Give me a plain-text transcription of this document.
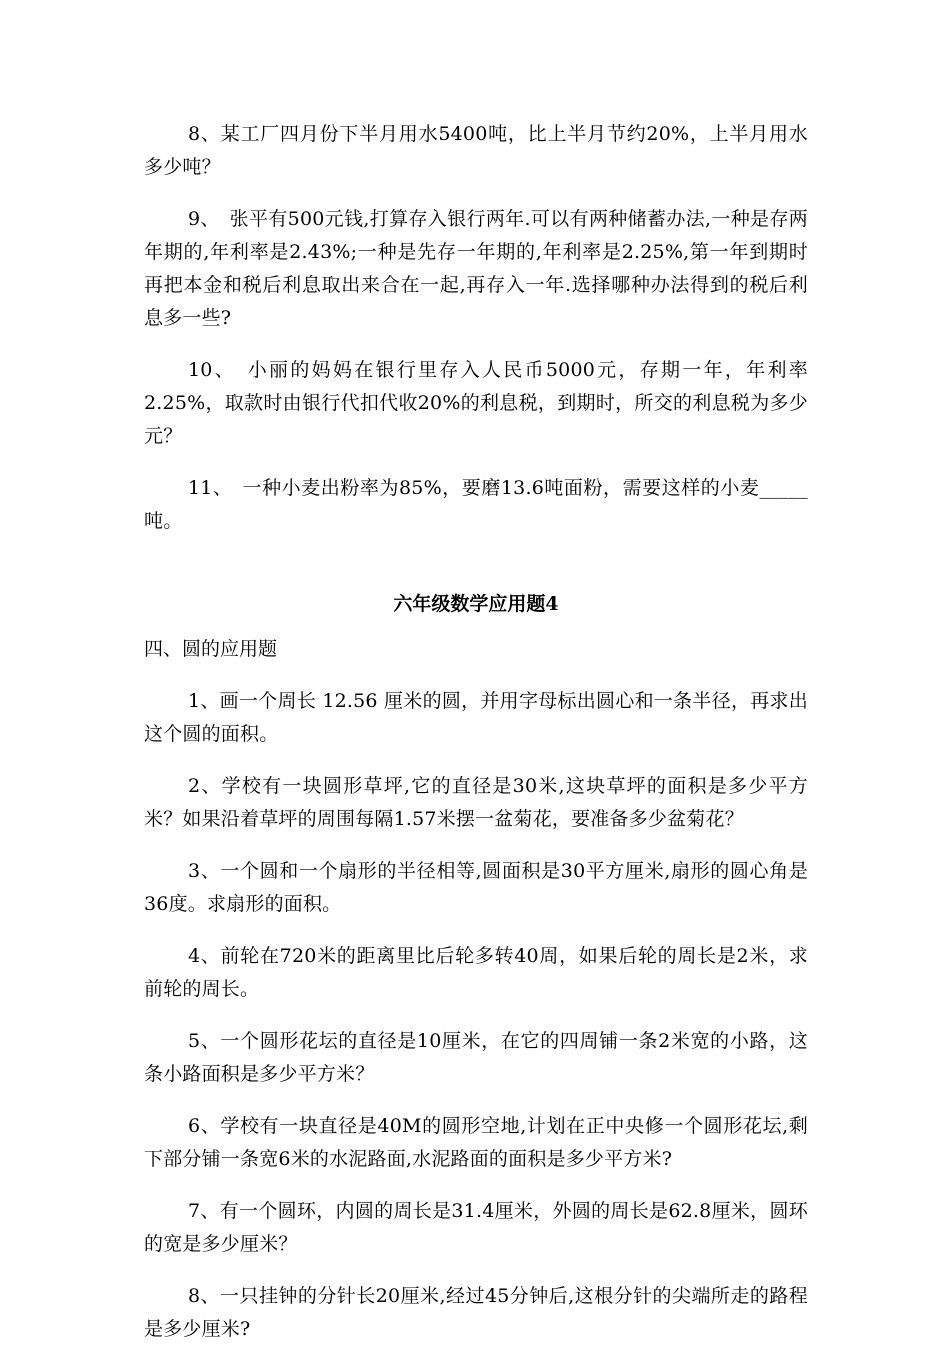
8、某工厂四月份下半月用水5400吨，比上半月节约20%，上半月用水多少吨？

9、　张平有500元钱,打算存入银行两年.可以有两种储蓄办法,一种是存两年期的,年利率是2.43%;一种是先存一年期的,年利率是2.25%,第一年到期时再把本金和税后利息取出来合在一起,再存入一年.选择哪种办法得到的税后利息多一些?

10、　小丽的妈妈在银行里存入人民币5000元，存期一年，年利率2.25%，取款时由银行代扣代收20%的利息税，到期时，所交的利息税为多少元？

11、　一种小麦出粉率为85%，要磨13.6吨面粉，需要这样的小麦_____吨。

六年级数学应用题4

四、圆的应用题

1、画一个周长 12.56 厘米的圆，并用字母标出圆心和一条半径，再求出这个圆的面积。

2、学校有一块圆形草坪,它的直径是30米,这块草坪的面积是多少平方米？如果沿着草坪的周围每隔1.57米摆一盆菊花，要准备多少盆菊花？

3、一个圆和一个扇形的半径相等,圆面积是30平方厘米,扇形的圆心角是36度。求扇形的面积。

4、前轮在720米的距离里比后轮多转40周，如果后轮的周长是2米，求前轮的周长。

5、一个圆形花坛的直径是10厘米，在它的四周铺一条2米宽的小路，这条小路面积是多少平方米？

6、学校有一块直径是40M的圆形空地,计划在正中央修一个圆形花坛,剩下部分铺一条宽6米的水泥路面,水泥路面的面积是多少平方米?

7、有一个圆环，内圆的周长是31.4厘米，外圆的周长是62.8厘米，圆环的宽是多少厘米？

8、一只挂钟的分针长20厘米,经过45分钟后,这根分针的尖端所走的路程是多少厘米?
